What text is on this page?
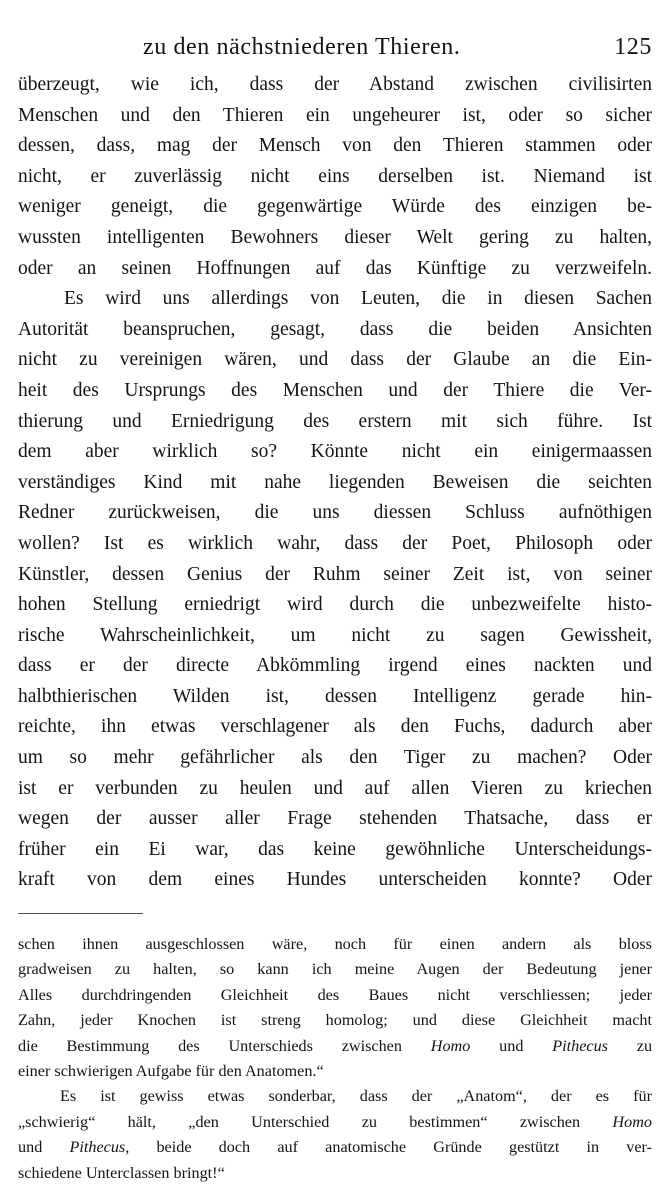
zu den nächstniederen Thieren.	125

überzeugt, wie ich, dass der Abstand zwischen civilisirten
Menschen und den Thieren ein ungeheurer ist, oder so sicher
dessen, dass, mag der Mensch von den Thieren stammen oder
nicht, er zuverlässig nicht eins derselben ist. Niemand ist
weniger geneigt, die gegenwärtige Würde des einzigen be-
wussten intelligenten Bewohners dieser Welt gering zu halten,
oder an seinen Hoffnungen auf das Künftige zu verzweifeln.

Es wird uns allerdings von Leuten, die in diesen Sachen
Autorität beanspruchen, gesagt, dass die beiden Ansichten
nicht zu vereinigen wären, und dass der Glaube an die Ein-
heit des Ursprungs des Menschen und der Thiere die Ver-
thierung und Erniedrigung des erstern mit sich führe. Ist
dem aber wirklich so? Könnte nicht ein einigermaassen
verständiges Kind mit nahe liegenden Beweisen die seichten
Redner zurückweisen, die uns diessen Schluss aufnöthigen
wollen? Ist es wirklich wahr, dass der Poet, Philosoph oder
Künstler, dessen Genius der Ruhm seiner Zeit ist, von seiner
hohen Stellung erniedrigt wird durch die unbezweifelte histo-
rische Wahrscheinlichkeit, um nicht zu sagen Gewissheit,
dass er der directe Abkömmling irgend eines nackten und
halbthierischen Wilden ist, dessen Intelligenz gerade hin-
reichte, ihn etwas verschlagener als den Fuchs, dadurch aber
um so mehr gefährlicher als den Tiger zu machen? Oder
ist er verbunden zu heulen und auf allen Vieren zu kriechen
wegen der ausser aller Frage stehenden Thatsache, dass er
früher ein Ei war, das keine gewöhnliche Unterscheidungs-
kraft von dem eines Hundes unterscheiden konnte? Oder

schen ihnen ausgeschlossen wäre, noch für einen andern als bloss
gradweisen zu halten, so kann ich meine Augen der Bedeutung jener
Alles durchdringenden Gleichheit des Baues nicht verschliessen; jeder
Zahn, jeder Knochen ist streng homolog; und diese Gleichheit macht
die Bestimmung des Unterschieds zwischen Homo und Pithecus zu
einer schwierigen Aufgabe für den Anatomen.“
Es ist gewiss etwas sonderbar, dass der „Anatom“, der es für
„schwierig“ hält, „den Unterschied zu bestimmen“ zwischen Homo
und Pithecus, beide doch auf anatomische Gründe gestützt in ver-
schiedene Unterclassen bringt!“
